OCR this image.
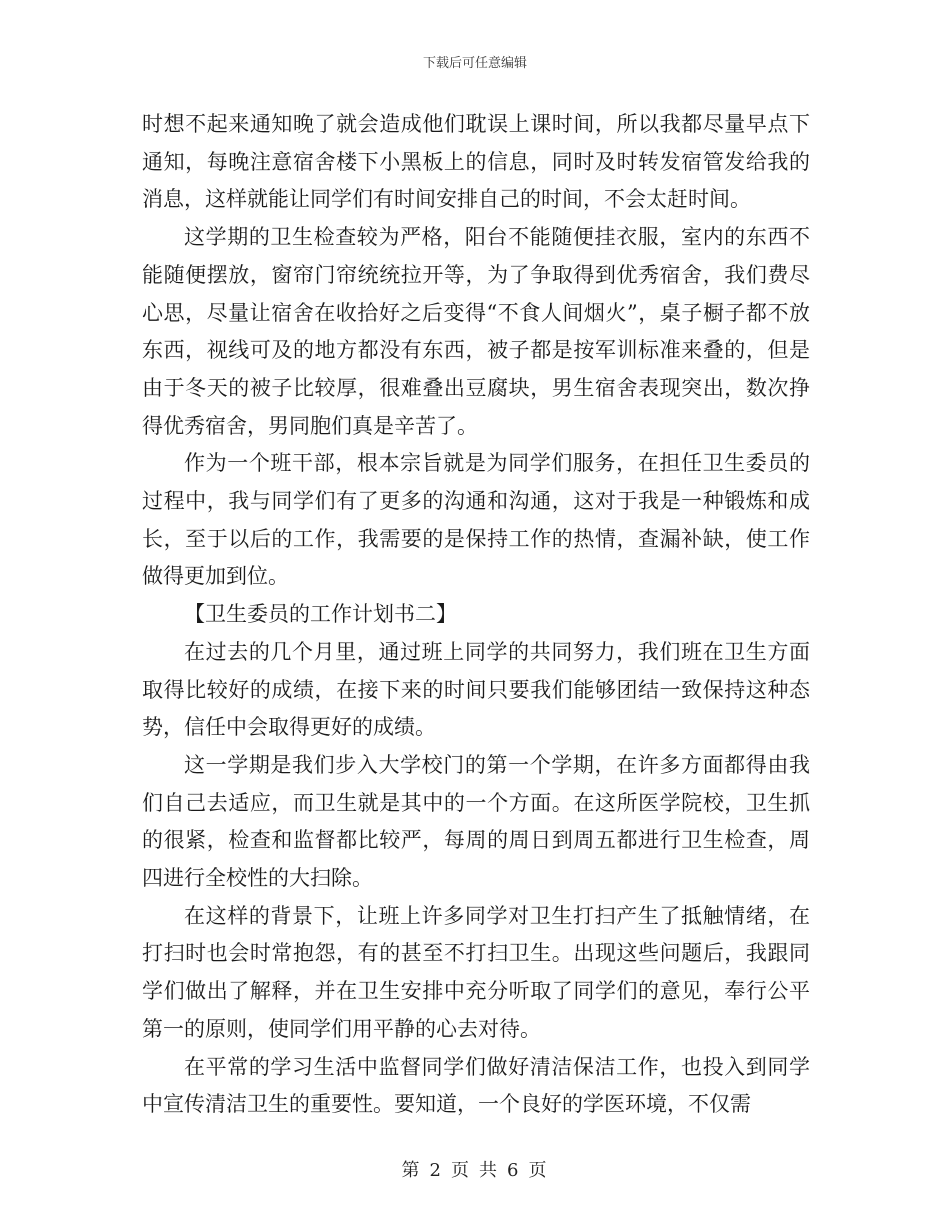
下载后可任意编辑

时想不起来通知晚了就会造成他们耽误上课时间，所以我都尽量早点下通知，每晚注意宿舍楼下小黑板上的信息，同时及时转发宿管发给我的消息，这样就能让同学们有时间安排自己的时间，不会太赶时间。

这学期的卫生检查较为严格，阳台不能随便挂衣服，室内的东西不能随便摆放，窗帘门帘统统拉开等，为了争取得到优秀宿舍，我们费尽心思，尽量让宿舍在收拾好之后变得“不食人间烟火”，桌子橱子都不放东西，视线可及的地方都没有东西，被子都是按军训标准来叠的，但是由于冬天的被子比较厚，很难叠出豆腐块，男生宿舍表现突出，数次挣得优秀宿舍，男同胞们真是辛苦了。

作为一个班干部，根本宗旨就是为同学们服务，在担任卫生委员的过程中，我与同学们有了更多的沟通和沟通，这对于我是一种锻炼和成长，至于以后的工作，我需要的是保持工作的热情，查漏补缺，使工作做得更加到位。

【卫生委员的工作计划书二】

在过去的几个月里，通过班上同学的共同努力，我们班在卫生方面取得比较好的成绩，在接下来的时间只要我们能够团结一致保持这种态势，信任中会取得更好的成绩。

这一学期是我们步入大学校门的第一个学期，在许多方面都得由我们自己去适应，而卫生就是其中的一个方面。在这所医学院校，卫生抓的很紧，检查和监督都比较严，每周的周日到周五都进行卫生检查，周四进行全校性的大扫除。

在这样的背景下，让班上许多同学对卫生打扫产生了抵触情绪，在打扫时也会时常抱怨，有的甚至不打扫卫生。出现这些问题后，我跟同学们做出了解释，并在卫生安排中充分听取了同学们的意见，奉行公平第一的原则，使同学们用平静的心去对待。

在平常的学习生活中监督同学们做好清洁保洁工作，也投入到同学中宣传清洁卫生的重要性。要知道，一个良好的学医环境，不仅需

第 2 页 共 6 页
